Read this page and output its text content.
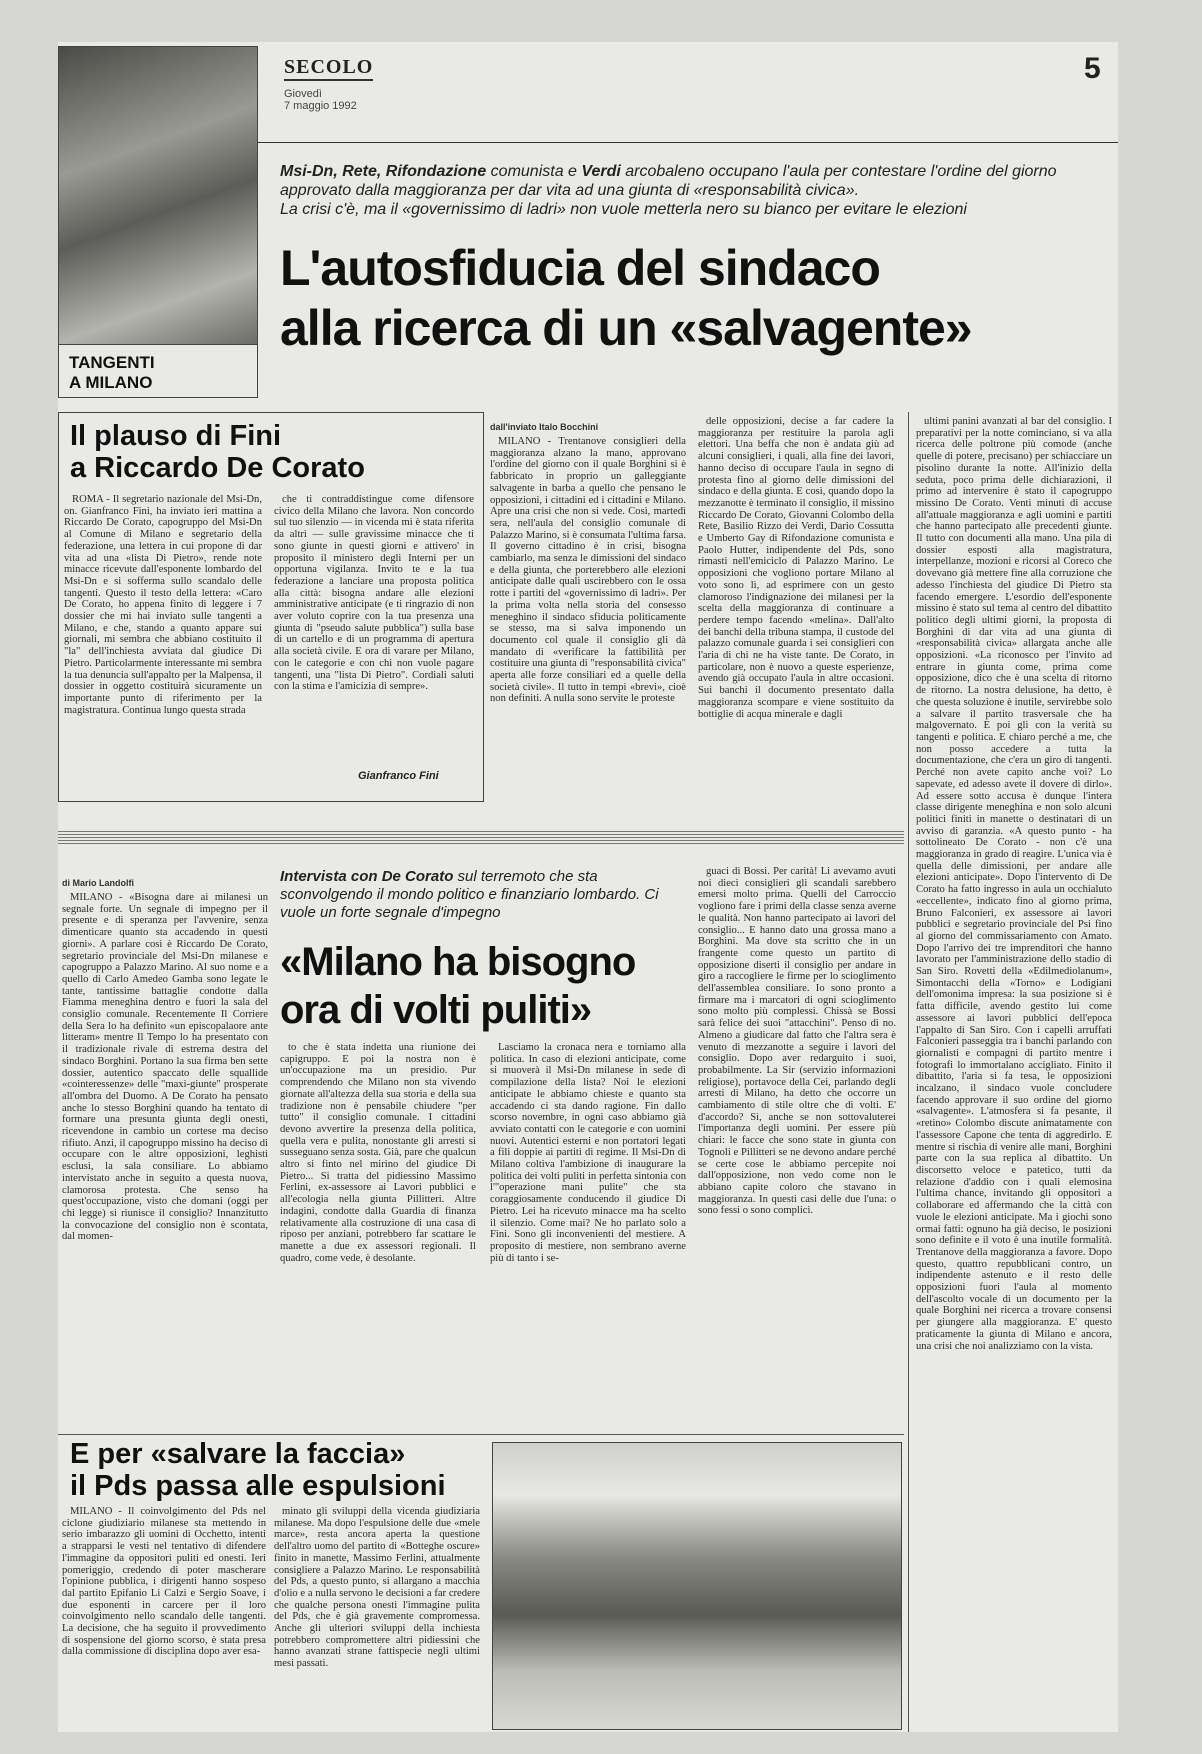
SECOLO
Giovedì
7 maggio 1992
5
TANGENTI
A MILANO
Msi-Dn, Rete, Rifondazione comunista e Verdi arcobaleno occupano l'aula per contestare l'ordine del giorno approvato dalla maggioranza per dar vita ad una giunta di «responsabilità civica».
La crisi c'è, ma il «governissimo di ladri» non vuole metterla nero su bianco per evitare le elezioni
L'autosfiducia del sindaco
alla ricerca di un «salvagente»
Il plauso di Fini
a Riccardo De Corato

ROMA - Il segretario nazionale del Msi-Dn, on. Gianfranco Fini, ha inviato ieri mattina a Riccardo De Corato, capogruppo del Msi-Dn al Comune di Milano e segretario della federazione, una lettera in cui propone di dar vita ad una «lista Di Pietro», rende note minacce ricevute dall'esponente lombardo del Msi-Dn e si sofferma sullo scandalo delle tangenti. Questo il testo della lettera: «Caro De Corato, ho appena finito di leggere i 7 dossier che mi hai inviato sulle tangenti a Milano, e che, stando a quanto appare sui giornali, mi sembra che abbiano costituito il "la" dell'inchiesta avviata dal giudice Di Pietro. Particolarmente interessante mi sembra la tua denuncia sull'appalto per la Malpensa, il dossier in oggetto costituirà sicuramente un importante punto di riferimento per la magistratura. Continua lungo questa strada

che ti contraddistingue come difensore civico della Milano che lavora. Non concordo sul tuo silenzio — in vicenda mi è stata riferita da altri — sulle gravissime minacce che ti sono giunte in questi giorni e attivero' in proposito il ministero degli Interni per un opportuna vigilanza. Invito te e la tua federazione a lanciare una proposta politica alla città: bisogna andare alle elezioni amministrative anticipate (e ti ringrazio di non aver voluto coprire con la tua presenza una giunta di "pseudo salute pubblica") sulla base di un cartello e di un programma di apertura alla società civile. E ora di varare per Milano, con le categorie e con chi non vuole pagare tangenti, una "lista Di Pietro". Cordiali saluti con la stima e l'amicizia di sempre».

Gianfranco Fini
dall'inviato Italo Bocchini

MILANO - Trentanove consiglieri della maggioranza alzano la mano, approvano l'ordine del giorno con il quale Borghini si è fabbricato in proprio un galleggiante salvagente in barba a quello che pensano le opposizioni, i cittadini ed i cittadini e Milano. Apre una crisi che non si vede. Così, martedì sera, nell'aula del consiglio comunale di Palazzo Marino, si è consumata l'ultima farsa. Il governo cittadino è in crisi, bisogna cambiarlo, ma senza le dimissioni del sindaco e della giunta, che porterebbero alle elezioni anticipate dalle quali uscirebbero con le ossa rotte i partiti del «governissimo di ladri». Per la prima volta nella storia del consesso meneghino il sindaco sfiducia politicamente se stesso, ma si salva imponendo un documento col quale il consiglio gli dà mandato di «verificare la fattibilità per costituire una giunta di "responsabilità civica" aperta alle forze consiliari ed a quelle della società civile». Il tutto in tempi «brevi», cioè non definiti. A nulla sono servite le proteste

delle opposizioni, decise a far cadere la maggioranza per restituire la parola agli elettori. Una beffa che non è andata giù ad alcuni consiglieri, i quali, alla fine dei lavori, hanno deciso di occupare l'aula in segno di protesta fino al giorno delle dimissioni del sindaco e della giunta. E così, quando dopo la mezzanotte è terminato il consiglio, il missino Riccardo De Corato, Giovanni Colombo della Rete, Basilio Rizzo dei Verdi, Dario Cossutta e Umberto Gay di Rifondazione comunista e Paolo Hutter, indipendente del Pds, sono rimasti nell'emiciclo di Palazzo Marino. Le opposizioni che vogliono portare Milano al voto sono lì, ad esprimere con un gesto clamoroso l'indignazione dei milanesi per la scelta della maggioranza di continuare a perdere tempo facendo «melina». Dall'alto dei banchi della tribuna stampa, il custode del palazzo comunale guarda i sei consiglieri con l'aria di chi ne ha viste tante. De Corato, in particolare, non è nuovo a queste esperienze, avendo già occupato l'aula in altre occasioni. Sui banchi il documento presentato dalla maggioranza scompare e viene sostituito da bottiglie di acqua minerale e dagli

ultimi panini avanzati al bar del consiglio. I preparativi per la notte cominciano, si va alla ricerca delle poltrone più comode (anche quelle di potere, precisano) per schiacciare un pisolino durante la notte. All'inizio della seduta, poco prima delle dichiarazioni, il primo ad intervenire è stato il capogruppo missino De Corato. Venti minuti di accuse all'attuale maggioranza e agli uomini e partiti che hanno partecipato alle precedenti giunte. Il tutto con documenti alla mano. Una pila di dossier esposti alla magistratura, interpellanze, mozioni e ricorsi al Coreco che dovevano già mettere fine alla corruzione che adesso l'inchiesta del giudice Di Pietro sta facendo emergere. L'esordio dell'esponente missino è stato sul tema al centro del dibattito politico degli ultimi giorni, la proposta di Borghini di dar vita ad una giunta di «responsabilità civica» allargata anche alle opposizioni. «La riconosco per l'invito ad entrare in giunta come, prima come opposizione, dico che è una scelta di ritorno de ritorno. La nostra delusione, ha detto, è che questa soluzione è inutile, servirebbe solo a salvare il partito trasversale che ha malgovernato. E poi gli con la verità su tangenti e politica. E chiaro perché a me, che non posso accedere a tutta la documentazione, che c'era un giro di tangenti. Perché non avete capito anche voi? Lo sapevate, ed adesso avete il dovere di dirlo». Ad essere sotto accusa è dunque l'intera classe dirigente meneghina e non solo alcuni politici finiti in manette o destinatari di un avviso di garanzia. «A questo punto - ha sottolineato De Corato - non c'è una maggioranza in grado di reagire. L'unica via è quella delle dimissioni, per andare alle elezioni anticipate». Dopo l'intervento di De Corato ha fatto ingresso in aula un occhialuto «eccellente», indicato fino al giorno prima, Bruno Falconieri, ex assessore ai lavori pubblici e segretario provinciale del Psi fino al giorno del commissariamento con Amato. Dopo l'arrivo dei tre imprenditori che hanno lavorato per l'amministrazione dello stadio di San Siro. Rovetti della «Edilmediolanum», Simontacchi della «Torno» e Lodigiani dell'omonima impresa: la sua posizione si è fatta difficile, avendo gestito lui come assessore ai lavori pubblici dell'epoca l'appalto di San Siro. Con i capelli arruffati Falconieri passeggia tra i banchi parlando con giornalisti e compagni di partito mentre i fotografi lo immortalano accigliato. Finito il dibattito, l'aria si fa tesa, le opposizioni incalzano, il sindaco vuole concludere facendo approvare il suo ordine del giorno «salvagente». L'atmosfera si fa pesante, il «retino» Colombo discute animatamente con l'assessore Capone che tenta di aggredirlo. E mentre si rischia di venire alle mani, Borghini parte con la sua replica al dibattito. Un discorsetto veloce e patetico, tutti da relazione d'addio con i quali elemosina l'ultima chance, invitando gli oppositori a collaborare ed affermando che la città con vuole le elezioni anticipate. Ma i giochi sono ormai fatti: ognuno ha già deciso, le posizioni sono definite e il voto è una inutile formalità. Trentanove della maggioranza a favore. Dopo questo, quattro repubblicani contro, un indipendente astenuto e il resto delle opposizioni fuori l'aula al momento dell'ascolto vocale di un documento per la quale Borghini nei ricerca a trovare consensi per giungere alla maggioranza. E' questo praticamente la giunta di Milano e ancora, una crisi che noi analizziamo con la vista.

di Mario Landolfi	Intervista con De Corato sul terremoto che sta sconvolgendo il mondo politico e finanziario lombardo. Ci vuole un forte segnale d'impegno
«Milano ha bisogno
ora di volti puliti»

MILANO - «Bisogna dare ai milanesi un segnale forte. Un segnale di impegno per il presente e di speranza per l'avvenire, senza dimenticare quanto sta accadendo in questi giorni». A parlare così è Riccardo De Corato, segretario provinciale del Msi-Dn milanese e capogruppo a Palazzo Marino. Al suo nome e a quello di Carlo Amedeo Gamba sono legate le tante, tantissime battaglie condotte dalla Fiamma meneghina dentro e fuori la sala del consiglio comunale. Recentemente Il Corriere della Sera lo ha definito «un episcopalaore ante litteram» mentre Il Tempo lo ha presentato con il tradizionale rivale di estrema destra del sindaco Borghini. Portano la sua firma ben sette dossier, autentico spaccato delle squallide «cointeressenze» delle "maxi-giunte" prosperate all'ombra del Duomo. A De Corato ha pensato anche lo stesso Borghini quando ha tentato di formare una presunta giunta degli onesti, ricevendone in cambio un cortese ma deciso rifiuto. Anzi, il capogruppo missino ha deciso di occupare con le altre opposizioni, leghisti esclusi, la sala consiliare. Lo abbiamo intervistato anche in seguito a questa nuova, clamorosa protesta. Che senso ha quest'occupazione, visto che domani (oggi per chi legge) si riunisce il consiglio? Innanzitutto la convocazione del consiglio non è scontata, dal momen-

to che è stata indetta una riunione dei capigruppo. E poi la nostra non è un'occupazione ma un presidio. Pur comprendendo che Milano non sta vivendo giornate all'altezza della sua storia e della sua tradizione non è pensabile chiudere "per tutto" il consiglio comunale. I cittadini devono avvertire la presenza della politica, quella vera e pulita, nonostante gli arresti si susseguano senza sosta. Già, pare che qualcun altro si finto nel mirino del giudice Di Pietro... Si tratta del pidiessino Massimo Ferlini, ex-assessore ai Lavori pubblici e all'ecologia nella giunta Pillitteri. Altre indagini, condotte dalla Guardia di finanza relativamente alla costruzione di una casa di riposo per anziani, potrebbero far scattare le manette a due ex assessori regionali. Il quadro, come vede, è desolante.

Lasciamo la cronaca nera e torniamo alla politica. In caso di elezioni anticipate, come si muoverà il Msi-Dn milanese in sede di compilazione della lista? Noi le elezioni anticipate le abbiamo chieste e quanto sta accadendo ci sta dando ragione. Fin dallo scorso novembre, in ogni caso abbiamo già avviato contatti con le categorie e con uomini nuovi. Autentici esterni e non portatori legati a fili doppie ai partiti di regime. Il Msi-Dn di Milano coltiva l'ambizione di inaugurare la politica dei volti puliti in perfetta sintonia con l'"operazione mani pulite" che sta coraggiosamente conducendo il giudice Di Pietro. Lei ha ricevuto minacce ma ha scelto il silenzio. Come mai? Ne ho parlato solo a Fini. Sono gli inconvenienti del mestiere. A proposito di mestiere, non sembrano averne più di tanto i se-

guaci di Bossi. Per carità! Li avevamo avuti noi dieci consiglieri gli scandali sarebbero emersi molto prima. Quelli del Carroccio vogliono fare i primi della classe senza averne le qualità. Non hanno partecipato ai lavori del consiglio... E hanno dato una grossa mano a Borghini. Ma dove sta scritto che in un frangente come questo un partito di opposizione diserti il consiglio per andare in giro a raccogliere le firme per lo scioglimento dell'assemblea consiliare. Io sono pronto a firmare ma i marcatori di ogni scioglimento sono molto più complessi. Chissà se Bossi sarà felice dei suoi "attacchini". Penso di no. Almeno a giudicare dal fatto che l'altra sera è venuto di mezzanotte a seguire i lavori del consiglio. Dopo aver redarguito i suoi, probabilmente. La Sir (servizio informazioni religiose), portavoce della Cei, parlando degli arresti di Milano, ha detto che occorre un cambiamento di stile oltre che di volti. E' d'accordo? Sì, anche se non sottovaluterei l'importanza degli uomini. Per essere più chiari: le facce che sono state in giunta con Tognoli e Pillitteri se ne devono andare perché se certe cose le abbiamo percepite noi dall'opposizione, non vedo come non le abbiano capite coloro che stavano in maggioranza. In questi casi delle due l'una: o sono fessi o sono complici.

E per «salvare la faccia»
il Pds passa alle espulsioni

MILANO - Il coinvolgimento del Pds nel ciclone giudiziario milanese sta mettendo in serio imbarazzo gli uomini di Occhetto, intenti a strapparsi le vesti nel tentativo di difendere l'immagine da oppositori puliti ed onesti. Ieri pomeriggio, credendo di poter mascherare l'opinione pubblica, i dirigenti hanno sospeso dal partito Epifanio Li Calzi e Sergio Soave, i due esponenti in carcere per il loro coinvolgimento nello scandalo delle tangenti. La decisione, che ha seguito il provvedimento di sospensione del giorno scorso, è stata presa dalla commissione di disciplina dopo aver esa-

minato gli sviluppi della vicenda giudiziaria milanese. Ma dopo l'espulsione delle due «mele marce», resta ancora aperta la questione dell'altro uomo del partito di «Botteghe oscure» finito in manette, Massimo Ferlini, attualmente consigliere a Palazzo Marino. Le responsabilità del Pds, a questo punto, si allargano a macchia d'olio e a nulla servono le decisioni a far credere che qualche persona onesti l'immagine pulita del Pds, che è già gravemente compromessa. Anche gli ulteriori sviluppi della inchiesta potrebbero compromettere altri pidiessini che hanno avanzati strane fattispecie negli ultimi mesi passati.
